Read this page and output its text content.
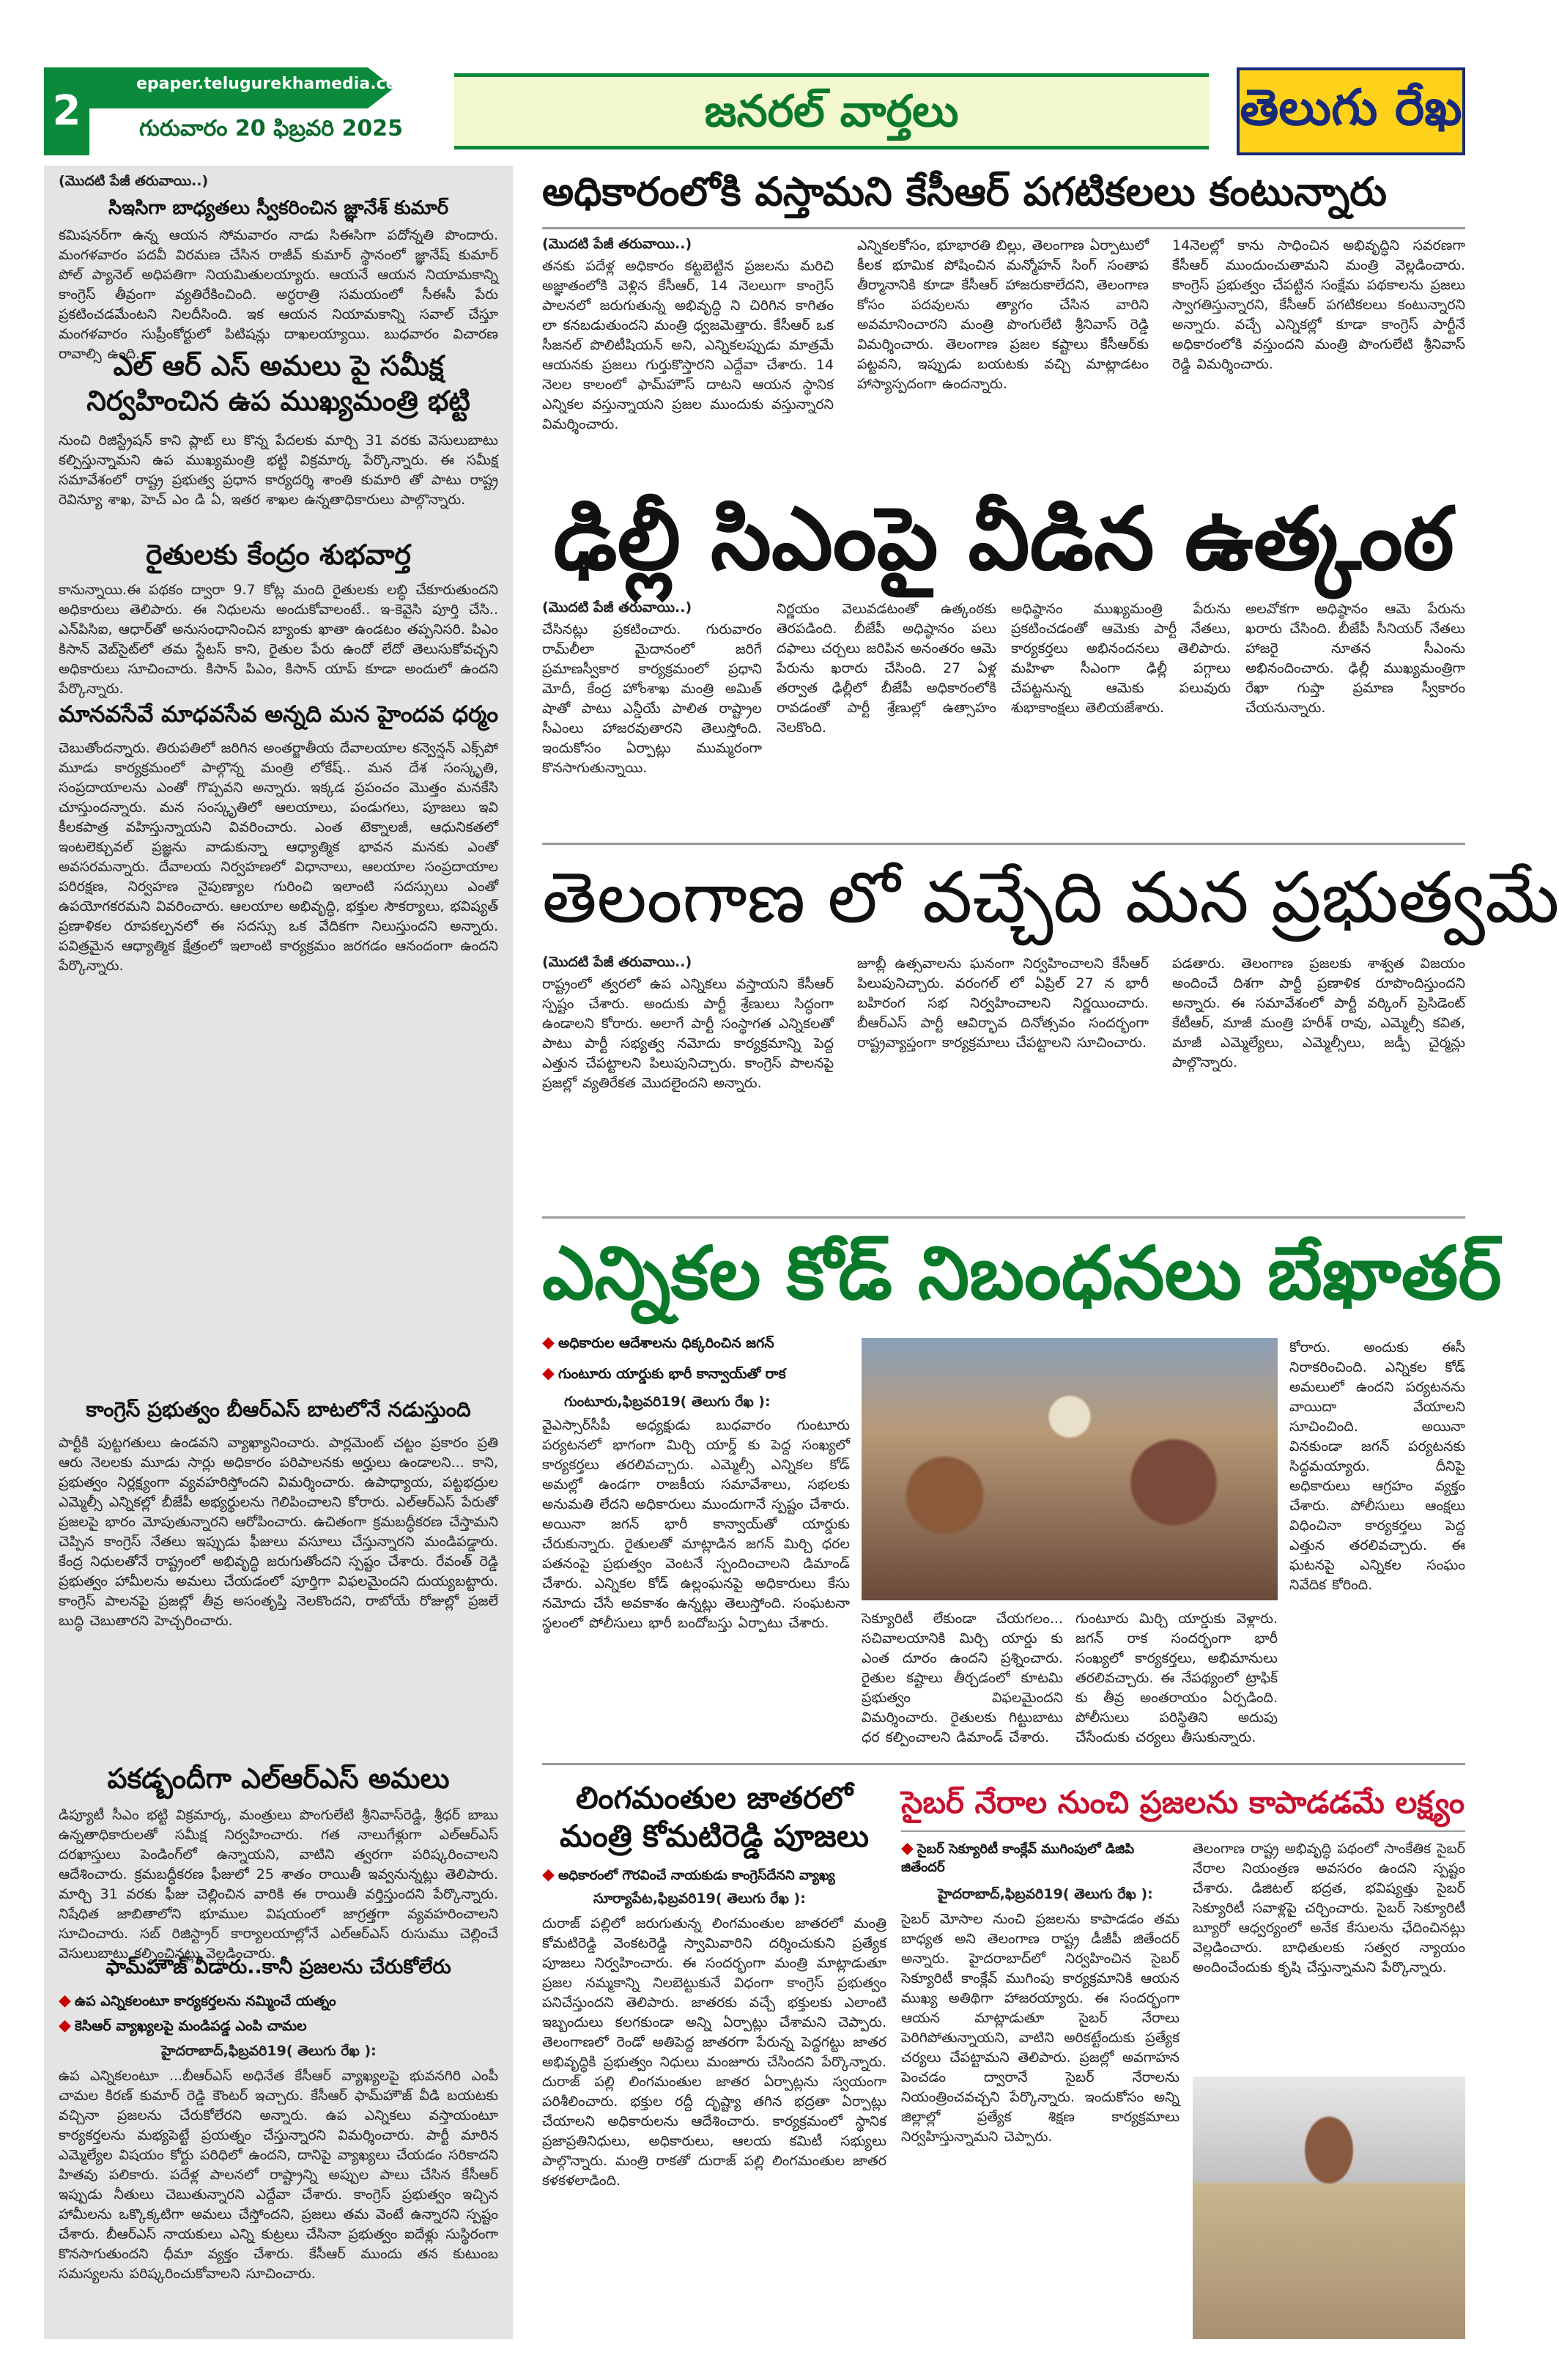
2
epaper.telugurekhamedia.com
గురువారం 20 ఫిబ్రవరి 2025	జనరల్ వార్తలు	తెలుగు రేఖ
(మొదటి పేజీ తరువాయి..)
సిఇసిగా బాధ్యతలు స్వీకరించిన జ్ఞానేశ్ కుమార్
కమిషనర్‌గా ఉన్న ఆయన సోమవారం నాడు సిఈసిగా పదోన్నతి పొందారు. మంగళవారం పదవీ విరమణ చేసిన రాజీవ్ కుమార్ స్థానంలో జ్ఞానేష్ కుమార్ పోల్ ప్యానెల్ అధిపతిగా నియమితులయ్యారు. ఆయనే ఆయన నియామకాన్ని కాంగ్రెస్ తీవ్రంగా వ్యతిరేకించింది. అర్ధరాత్రి సమయంలో సీఈసీ పేరు ప్రకటించడమేంటని నిలదీసింది. ఇక ఆయన నియామకాన్ని సవాల్ చేస్తూ మంగళవారం సుప్రీంకోర్టులో పిటిషన్లు దాఖలయ్యాయి. బుధవారం విచారణ రావాల్సి ఉంది.
ఎల్ ఆర్ ఎస్ అమలు పై సమీక్ష నిర్వహించిన ఉప ముఖ్యమంత్రి భట్టి
నుంచి రిజిస్ట్రేషన్ కాని ప్లాట్ లు కొన్న పేదలకు మార్చి 31 వరకు వెసులుబాటు కల్పిస్తున్నామని ఉప ముఖ్యమంత్రి భట్టి విక్రమార్క పేర్కొన్నారు. ఈ సమీక్ష సమావేశంలో రాష్ట్ర ప్రభుత్వ ప్రధాన కార్యదర్శి శాంతి కుమారి తో పాటు రాష్ట్ర రెవిన్యూ శాఖ, హెచ్ ఎం డి ఏ, ఇతర శాఖల ఉన్నతాధికారులు పాల్గొన్నారు.
రైతులకు కేంద్రం శుభవార్త
కానున్నాయి.ఈ పథకం ద్వారా 9.7 కోట్ల మంది రైతులకు లబ్ధి చేకూరుతుందని అధికారులు తెలిపారు. ఈ నిధులను అందుకోవాలంటే.. ఇ-కెవైసి పూర్తి చేసి.. ఎన్‌పిసిఐ, ఆధార్‌తో అనుసంధానించిన బ్యాంకు ఖాతా ఉండటం తప్పనిసరి. పిఎం కిసాన్ వెబ్‌సైట్‌లో తమ స్టేటస్ కాని, రైతుల పేరు ఉందో లేదో తెలుసుకోవచ్చని అధికారులు సూచించారు. కిసాన్ పిఎం, కిసాన్ యాప్ కూడా అందులో ఉందని పేర్కొన్నారు.
మానవసేవే మాధవసేవ అన్నది మన హైందవ ధర్మం
చెబుతోందన్నారు. తిరుపతిలో జరిగిన అంతర్జాతీయ దేవాలయాల కన్వెన్షన్ ఎక్స్‌పో మూడు కార్యక్రమంలో పాల్గొన్న మంత్రి లోకేష్.. మన దేశ సంస్కృతి, సంప్రదాయాలను ఎంతో గొప్పవని అన్నారు. ఇక్కడ ప్రపంచం మొత్తం మనకేసి చూస్తుందన్నారు. మన సంస్కృతిలో ఆలయాలు, పండుగలు, పూజలు ఇవి కీలకపాత్ర వహిస్తున్నాయని వివరించారు. ఎంత టెక్నాలజీ, ఆధునికతలో ఇంటలెక్చువల్ ప్రజ్ఞను వాడుకున్నా ఆధ్యాత్మిక భావన మనకు ఎంతో అవసరమన్నారు. దేవాలయ నిర్వహణలో విధానాలు, ఆలయాల సంప్రదాయాల పరిరక్షణ, నిర్వహణ నైపుణ్యాల గురించి ఇలాంటి సదస్సులు ఎంతో ఉపయోగకరమని వివరించారు. ఆలయాల అభివృద్ధి, భక్తుల సౌకర్యాలు, భవిష్యత్ ప్రణాళికల రూపకల్పనలో ఈ సదస్సు ఒక వేదికగా నిలుస్తుందని అన్నారు. పవిత్రమైన ఆధ్యాత్మిక క్షేత్రంలో ఇలాంటి కార్యక్రమం జరగడం ఆనందంగా ఉందని పేర్కొన్నారు.
కాంగ్రెస్ ప్రభుత్వం బీఆర్ఎస్ బాటలోనే నడుస్తుంది
పార్టీకి పుట్టగతులు ఉండవని వ్యాఖ్యానించారు. పార్లమెంట్ చట్టం ప్రకారం ప్రతి ఆరు నెలలకు మూడు సార్లు అధికారం పరిపాలనకు అర్హులు ఉండాలని... కాని, ప్రభుత్వం నిర్లక్ష్యంగా వ్యవహరిస్తోందని విమర్శించారు. ఉపాధ్యాయ, పట్టభద్రుల ఎమ్మెల్సీ ఎన్నికల్లో బీజేపీ అభ్యర్థులను గెలిపించాలని కోరారు. ఎల్ఆర్ఎస్ పేరుతో ప్రజలపై భారం మోపుతున్నారని ఆరోపించారు. ఉచితంగా క్రమబద్ధీకరణ చేస్తామని చెప్పిన కాంగ్రెస్ నేతలు ఇప్పుడు ఫీజులు వసూలు చేస్తున్నారని మండిపడ్డారు. కేంద్ర నిధులతోనే రాష్ట్రంలో అభివృద్ధి జరుగుతోందని స్పష్టం చేశారు. రేవంత్ రెడ్డి ప్రభుత్వం హామీలను అమలు చేయడంలో పూర్తిగా విఫలమైందని దుయ్యబట్టారు. కాంగ్రెస్ పాలనపై ప్రజల్లో తీవ్ర అసంతృప్తి నెలకొందని, రాబోయే రోజుల్లో ప్రజలే బుద్ధి చెబుతారని హెచ్చరించారు.
పకడ్బందీగా ఎల్ఆర్ఎస్ అమలు
డిప్యూటీ సీఎం భట్టి విక్రమార్క, మంత్రులు పొంగులేటి శ్రీనివాస్‌రెడ్డి, శ్రీధర్ బాబు ఉన్నతాధికారులతో సమీక్ష నిర్వహించారు. గత నాలుగేళ్లుగా ఎల్ఆర్ఎస్ దరఖాస్తులు పెండింగ్‌లో ఉన్నాయని, వాటిని త్వరగా పరిష్కరించాలని ఆదేశించారు. క్రమబద్ధీకరణ ఫీజులో 25 శాతం రాయితీ ఇవ్వనున్నట్లు తెలిపారు. మార్చి 31 వరకు ఫీజు చెల్లించిన వారికి ఈ రాయితీ వర్తిస్తుందని పేర్కొన్నారు. నిషేధిత జాబితాలోని భూముల విషయంలో జాగ్రత్తగా వ్యవహరించాలని సూచించారు. సబ్ రిజిస్ట్రార్ కార్యాలయాల్లోనే ఎల్ఆర్ఎస్ రుసుము చెల్లించే వెసులుబాటు కల్పించినట్లు వెల్లడించారు.
ఫామ్‌హౌజ్ వీడారు..కానీ ప్రజలను చేరుకోలేరు
◆ ఉప ఎన్నికలంటూ కార్యకర్తలను నమ్మించే యత్నం
◆ కెసిఆర్ వ్యాఖ్యలపై మండిపడ్డ ఎంపి చామల
హైదరాబాద్,ఫిబ్రవరి19( తెలుగు రేఖ ):
ఉప ఎన్నికలంటూ ...బీఆర్ఎస్ అధినేత కేసీఆర్ వ్యాఖ్యలపై భువనగిరి ఎంపీ చామల కిరణ్ కుమార్ రెడ్డి కౌంటర్ ఇచ్చారు. కేసీఆర్ ఫామ్‌హౌజ్ వీడి బయటకు వచ్చినా ప్రజలను చేరుకోలేరని అన్నారు. ఉప ఎన్నికలు వస్తాయంటూ కార్యకర్తలను మభ్యపెట్టే ప్రయత్నం చేస్తున్నారని విమర్శించారు. పార్టీ మారిన ఎమ్మెల్యేల విషయం కోర్టు పరిధిలో ఉందని, దానిపై వ్యాఖ్యలు చేయడం సరికాదని హితవు పలికారు. పదేళ్ల పాలనలో రాష్ట్రాన్ని అప్పుల పాలు చేసిన కేసీఆర్ ఇప్పుడు నీతులు చెబుతున్నారని ఎద్దేవా చేశారు. కాంగ్రెస్ ప్రభుత్వం ఇచ్చిన హామీలను ఒక్కొక్కటిగా అమలు చేస్తోందని, ప్రజలు తమ వెంటే ఉన్నారని స్పష్టం చేశారు. బీఆర్ఎస్ నాయకులు ఎన్ని కుట్రలు చేసినా ప్రభుత్వం ఐదేళ్లు సుస్థిరంగా కొనసాగుతుందని ధీమా వ్యక్తం చేశారు. కేసీఆర్ ముందు తన కుటుంబ సమస్యలను పరిష్కరించుకోవాలని సూచించారు.
అధికారంలోకి వస్తామని కేసీఆర్ పగటికలలు కంటున్నారు
(మొదటి పేజీ తరువాయి..)
తనకు పదేళ్ల అధికారం కట్టబెట్టిన ప్రజలను మరిచి అజ్ఞాతంలోకి వెళ్లిన కేసీఆర్, 14 నెలలుగా కాంగ్రెస్ పాలనలో జరుగుతున్న అభివృద్ధి ని చిరిగిన కాగితం లా కనబడుతుందని మంత్రి ధ్వజమెత్తారు. కేసీఆర్ ఒక సీజనల్ పొలిటీషియన్ అని, ఎన్నికలప్పుడు మాత్రమే ఆయనకు ప్రజలు గుర్తుకొస్తారని ఎద్దేవా చేశారు. 14 నెలల కాలంలో ఫామ్‌హౌస్ దాటని ఆయన స్థానిక ఎన్నికల వస్తున్నాయని ప్రజల ముందుకు వస్తున్నారని విమర్శించారు.
ఎన్నికలకోసం, భూభారతి బిల్లు, తెలంగాణ ఏర్పాటులో కీలక భూమిక పోషించిన మన్మోహన్ సింగ్ సంతాప తీర్మానానికి కూడా కేసీఆర్ హాజరుకాలేదని, తెలంగాణ కోసం పదవులను త్యాగం చేసిన వారిని అవమానించారని మంత్రి పొంగులేటి శ్రీనివాస్ రెడ్డి విమర్శించారు. తెలంగాణ ప్రజల కష్టాలు కేసీఆర్‌కు పట్టవని, ఇప్పుడు బయటకు వచ్చి మాట్లాడటం హాస్యాస్పదంగా ఉందన్నారు.
14నెలల్లో కాను సాధించిన అభివృద్ధిని సవరణగా కేసీఆర్ ముందుంచుతామని మంత్రి వెల్లడించారు. కాంగ్రెస్ ప్రభుత్వం చేపట్టిన సంక్షేమ పథకాలను ప్రజలు స్వాగతిస్తున్నారని, కేసీఆర్ పగటికలలు కంటున్నారని అన్నారు. వచ్చే ఎన్నికల్లో కూడా కాంగ్రెస్ పార్టీనే అధికారంలోకి వస్తుందని మంత్రి పొంగులేటి శ్రీనివాస్ రెడ్డి విమర్శించారు.
ఢిల్లీ సిఎంపై వీడిన ఉత్కంఠ
(మొదటి పేజీ తరువాయి..)
చేసినట్లు ప్రకటించారు. గురువారం రామ్‌లీలా మైదానంలో జరిగే ప్రమాణస్వీకార కార్యక్రమంలో ప్రధాని మోదీ, కేంద్ర హోంశాఖ మంత్రి అమిత్ షాతో పాటు ఎన్డీయే పాలిత రాష్ట్రాల సీఎంలు హాజరవుతారని తెలుస్తోంది. ఇందుకోసం ఏర్పాట్లు ముమ్మరంగా కొనసాగుతున్నాయి.
నిర్ణయం వెలువడటంతో ఉత్కంఠకు తెరపడింది. బీజేపీ అధిష్ఠానం పలు దఫాలు చర్చలు జరిపిన అనంతరం ఆమె పేరును ఖరారు చేసింది. 27 ఏళ్ల తర్వాత ఢిల్లీలో బీజేపీ అధికారంలోకి రావడంతో పార్టీ శ్రేణుల్లో ఉత్సాహం నెలకొంది.
అధిష్ఠానం ముఖ్యమంత్రి పేరును ప్రకటించడంతో ఆమెకు పార్టీ నేతలు, కార్యకర్తలు అభినందనలు తెలిపారు. మహిళా సీఎంగా ఢిల్లీ పగ్గాలు చేపట్టనున్న ఆమెకు పలువురు శుభాకాంక్షలు తెలియజేశారు.
అలవోకగా అధిష్ఠానం ఆమె పేరును ఖరారు చేసింది. బీజేపీ సీనియర్ నేతలు హాజరై నూతన సీఎంను అభినందించారు. ఢిల్లీ ముఖ్యమంత్రిగా రేఖా గుప్తా ప్రమాణ స్వీకారం చేయనున్నారు.
తెలంగాణ లో వచ్చేది మన ప్రభుత్వమే
(మొదటి పేజీ తరువాయి..)
రాష్ట్రంలో త్వరలో ఉప ఎన్నికలు వస్తాయని కేసీఆర్ స్పష్టం చేశారు. అందుకు పార్టీ శ్రేణులు సిద్ధంగా ఉండాలని కోరారు. అలాగే పార్టీ సంస్థాగత ఎన్నికలతో పాటు పార్టీ సభ్యత్వ నమోదు కార్యక్రమాన్ని పెద్ద ఎత్తున చేపట్టాలని పిలుపునిచ్చారు. కాంగ్రెస్ పాలనపై ప్రజల్లో వ్యతిరేకత మొదలైందని అన్నారు.
జూబ్లీ ఉత్సవాలను ఘనంగా నిర్వహించాలని కేసీఆర్ పిలుపునిచ్చారు. వరంగల్ లో ఏప్రిల్ 27 న భారీ బహిరంగ సభ నిర్వహించాలని నిర్ణయించారు. బీఆర్ఎస్ పార్టీ ఆవిర్భావ దినోత్సవం సందర్భంగా రాష్ట్రవ్యాప్తంగా కార్యక్రమాలు చేపట్టాలని సూచించారు.
పడతారు. తెలంగాణ ప్రజలకు శాశ్వత విజయం అందించే దిశగా పార్టీ ప్రణాళిక రూపొందిస్తుందని అన్నారు. ఈ సమావేశంలో పార్టీ వర్కింగ్ ప్రెసిడెంట్ కేటీఆర్, మాజీ మంత్రి హరీశ్ రావు, ఎమ్మెల్సీ కవిత, మాజీ ఎమ్మెల్యేలు, ఎమ్మెల్సీలు, జడ్పీ చైర్మన్లు పాల్గొన్నారు.
ఎన్నికల కోడ్ నిబంధనలు బేఖాతర్
◆ అధికారుల ఆదేశాలను ధిక్కరించిన జగన్
◆ గుంటూరు యార్డుకు భారీ కాన్వాయ్‌తో రాక
గుంటూరు,ఫిబ్రవరి19( తెలుగు రేఖ ):
వైఎస్సార్‌సీపీ అధ్యక్షుడు బుధవారం గుంటూరు పర్యటనలో భాగంగా మిర్చి యార్డ్ కు పెద్ద సంఖ్యలో కార్యకర్తలు తరలివచ్చారు. ఎమ్మెల్సీ ఎన్నికల కోడ్ అమల్లో ఉండగా రాజకీయ సమావేశాలు, సభలకు అనుమతి లేదని అధికారులు ముందుగానే స్పష్టం చేశారు. అయినా జగన్ భారీ కాన్వాయ్‌తో యార్డుకు చేరుకున్నారు. రైతులతో మాట్లాడిన జగన్ మిర్చి ధరల పతనంపై ప్రభుత్వం వెంటనే స్పందించాలని డిమాండ్ చేశారు. ఎన్నికల కోడ్ ఉల్లంఘనపై అధికారులు కేసు నమోదు చేసే అవకాశం ఉన్నట్లు తెలుస్తోంది. సంఘటనా స్థలంలో పోలీసులు భారీ బందోబస్తు ఏర్పాటు చేశారు.
కోరారు. అందుకు ఈసీ నిరాకరించింది. ఎన్నికల కోడ్ అమలులో ఉందని పర్యటనను వాయిదా వేయాలని సూచించింది. అయినా వినకుండా జగన్ పర్యటనకు సిద్ధమయ్యారు. దీనిపై అధికారులు ఆగ్రహం వ్యక్తం చేశారు. పోలీసులు ఆంక్షలు విధించినా కార్యకర్తలు పెద్ద ఎత్తున తరలివచ్చారు. ఈ ఘటనపై ఎన్నికల సంఘం నివేదిక కోరింది.
సెక్యూరిటీ లేకుండా చేయగలం... సచివాలయానికి మిర్చి యార్డు కు ఎంత దూరం ఉందని ప్రశ్నించారు. రైతుల కష్టాలు తీర్చడంలో కూటమి ప్రభుత్వం విఫలమైందని విమర్శించారు. రైతులకు గిట్టుబాటు ధర కల్పించాలని డిమాండ్ చేశారు.
గుంటూరు మిర్చి యార్డుకు వెళ్లారు. జగన్ రాక సందర్భంగా భారీ సంఖ్యలో కార్యకర్తలు, అభిమానులు తరలివచ్చారు. ఈ నేపథ్యంలో ట్రాఫిక్ కు తీవ్ర అంతరాయం ఏర్పడింది. పోలీసులు పరిస్థితిని అదుపు చేసేందుకు చర్యలు తీసుకున్నారు.
లింగమంతుల జాతరలో మంత్రి కోమటిరెడ్డి పూజలు
◆ అధికారంలో గౌరవించే నాయకుడు కాంగ్రెస్‌దేనని వ్యాఖ్య
సూర్యాపేట,ఫిబ్రవరి19( తెలుగు రేఖ ):
దురాజ్ పల్లిలో జరుగుతున్న లింగమంతుల జాతరలో మంత్రి కోమటిరెడ్డి వెంకటరెడ్డి స్వామివారిని దర్శించుకుని ప్రత్యేక పూజలు నిర్వహించారు. ఈ సందర్భంగా మంత్రి మాట్లాడుతూ ప్రజల నమ్మకాన్ని నిలబెట్టుకునే విధంగా కాంగ్రెస్ ప్రభుత్వం పనిచేస్తుందని తెలిపారు. జాతరకు వచ్చే భక్తులకు ఎలాంటి ఇబ్బందులు కలగకుండా అన్ని ఏర్పాట్లు చేశామని చెప్పారు. తెలంగాణలో రెండో అతిపెద్ద జాతరగా పేరున్న పెద్దగట్టు జాతర అభివృద్ధికి ప్రభుత్వం నిధులు మంజూరు చేసిందని పేర్కొన్నారు. దురాజ్ పల్లి లింగమంతుల జాతర ఏర్పాట్లను స్వయంగా పరిశీలించారు. భక్తుల రద్దీ దృష్ట్యా తగిన భద్రతా ఏర్పాట్లు చేయాలని అధికారులను ఆదేశించారు. కార్యక్రమంలో స్థానిక ప్రజాప్రతినిధులు, అధికారులు, ఆలయ కమిటీ సభ్యులు పాల్గొన్నారు. మంత్రి రాకతో దురాజ్ పల్లి లింగమంతుల జాతర కళకళలాడింది.
సైబర్ నేరాల నుంచి ప్రజలను కాపాడడమే లక్ష్యం
◆ సైబర్ సెక్యూరిటీ కాంక్లేవ్ ముగింపులో డిజిపి జితేందర్
హైదరాబాద్,ఫిబ్రవరి19( తెలుగు రేఖ ):
సైబర్ మోసాల నుంచి ప్రజలను కాపాడడం తమ బాధ్యత అని తెలంగాణ రాష్ట్ర డీజీపీ జితేందర్ అన్నారు. హైదరాబాద్‌లో నిర్వహించిన సైబర్ సెక్యూరిటీ కాంక్లేవ్ ముగింపు కార్యక్రమానికి ఆయన ముఖ్య అతిథిగా హాజరయ్యారు. ఈ సందర్భంగా ఆయన మాట్లాడుతూ సైబర్ నేరాలు పెరిగిపోతున్నాయని, వాటిని అరికట్టేందుకు ప్రత్యేక చర్యలు చేపట్టామని తెలిపారు. ప్రజల్లో అవగాహన పెంచడం ద్వారానే సైబర్ నేరాలను నియంత్రించవచ్చని పేర్కొన్నారు. ఇందుకోసం అన్ని జిల్లాల్లో ప్రత్యేక శిక్షణ కార్యక్రమాలు నిర్వహిస్తున్నామని చెప్పారు.
తెలంగాణ రాష్ట్ర అభివృద్ధి పథంలో సాంకేతిక సైబర్ నేరాల నియంత్రణ అవసరం ఉందని స్పష్టం చేశారు. డిజిటల్ భద్రత, భవిష్యత్తు సైబర్ సెక్యూరిటీ సవాళ్లపై చర్చించారు. సైబర్ సెక్యూరిటీ బ్యూరో ఆధ్వర్యంలో అనేక కేసులను ఛేదించినట్లు వెల్లడించారు. బాధితులకు సత్వర న్యాయం అందించేందుకు కృషి చేస్తున్నామని పేర్కొన్నారు.
